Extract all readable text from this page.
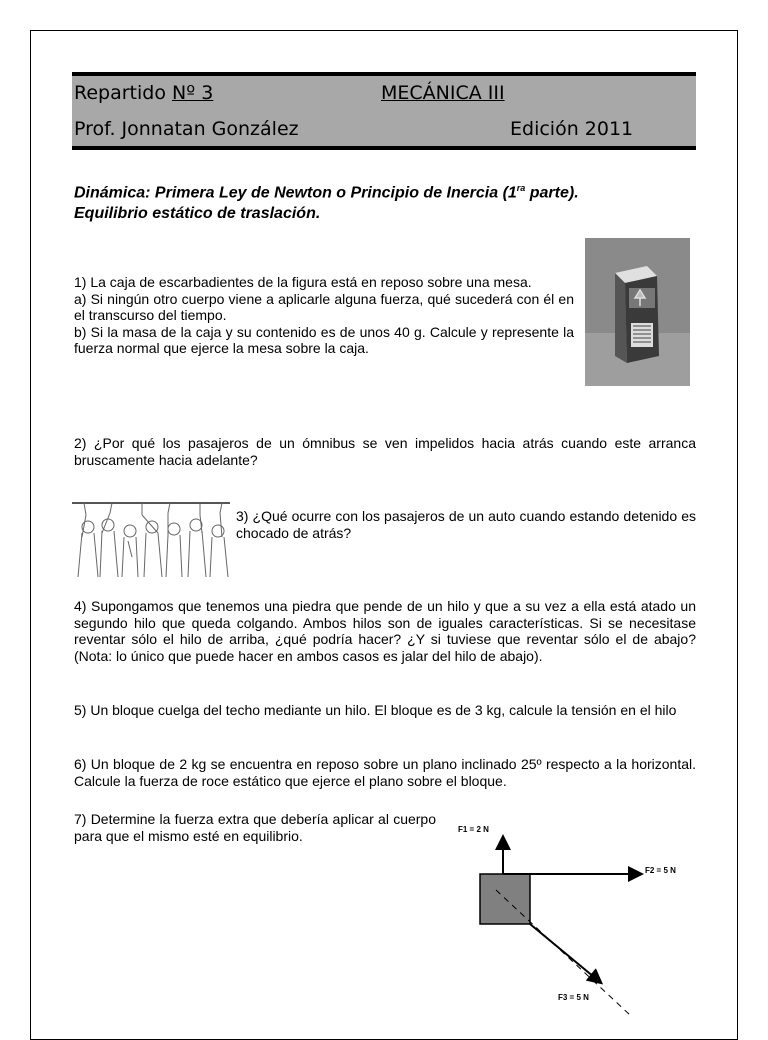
Repartido Nº 3	MECÁNICA III
Prof. Jonnatan González	Edición 2011
Dinámica: Primera Ley de Newton o Principio de Inercia ($1^{ra}$ parte).
Equilibrio estático de traslación.

1) La caja de escarbadientes de la figura está en reposo sobre una mesa.

a) Si ningún otro cuerpo viene a aplicarle alguna fuerza, qué sucederá con él en el transcurso del tiempo.

b) Si la masa de la caja y su contenido es de unos 40 g. Calcule y represente la fuerza normal que ejerce la mesa sobre la caja.

2) ¿Por qué los pasajeros de un ómnibus se ven impelidos hacia atrás cuando este arranca bruscamente hacia adelante?
3) ¿Qué ocurre con los pasajeros de un auto cuando estando detenido es chocado de atrás?
4) Supongamos que tenemos una piedra que pende de un hilo y que a su vez a ella está atado un segundo hilo que queda colgando. Ambos hilos son de iguales características. Si se necesitase reventar sólo el hilo de arriba, ¿qué podría hacer? ¿Y si tuviese que reventar sólo el de abajo? (Nota: lo único que puede hacer en ambos casos es jalar del hilo de abajo).
5) Un bloque cuelga del techo mediante un hilo. El bloque es de 3 kg, calcule la tensión en el hilo
6) Un bloque de 2 kg se encuentra en reposo sobre un plano inclinado 25º respecto a la horizontal. Calcule la fuerza de roce estático que ejerce el plano sobre el bloque.
7) Determine la fuerza extra que debería aplicar al cuerpo para que el mismo esté en equilibrio.	F1 = 2 N
F2 = 5 N
F3 = 5 N
